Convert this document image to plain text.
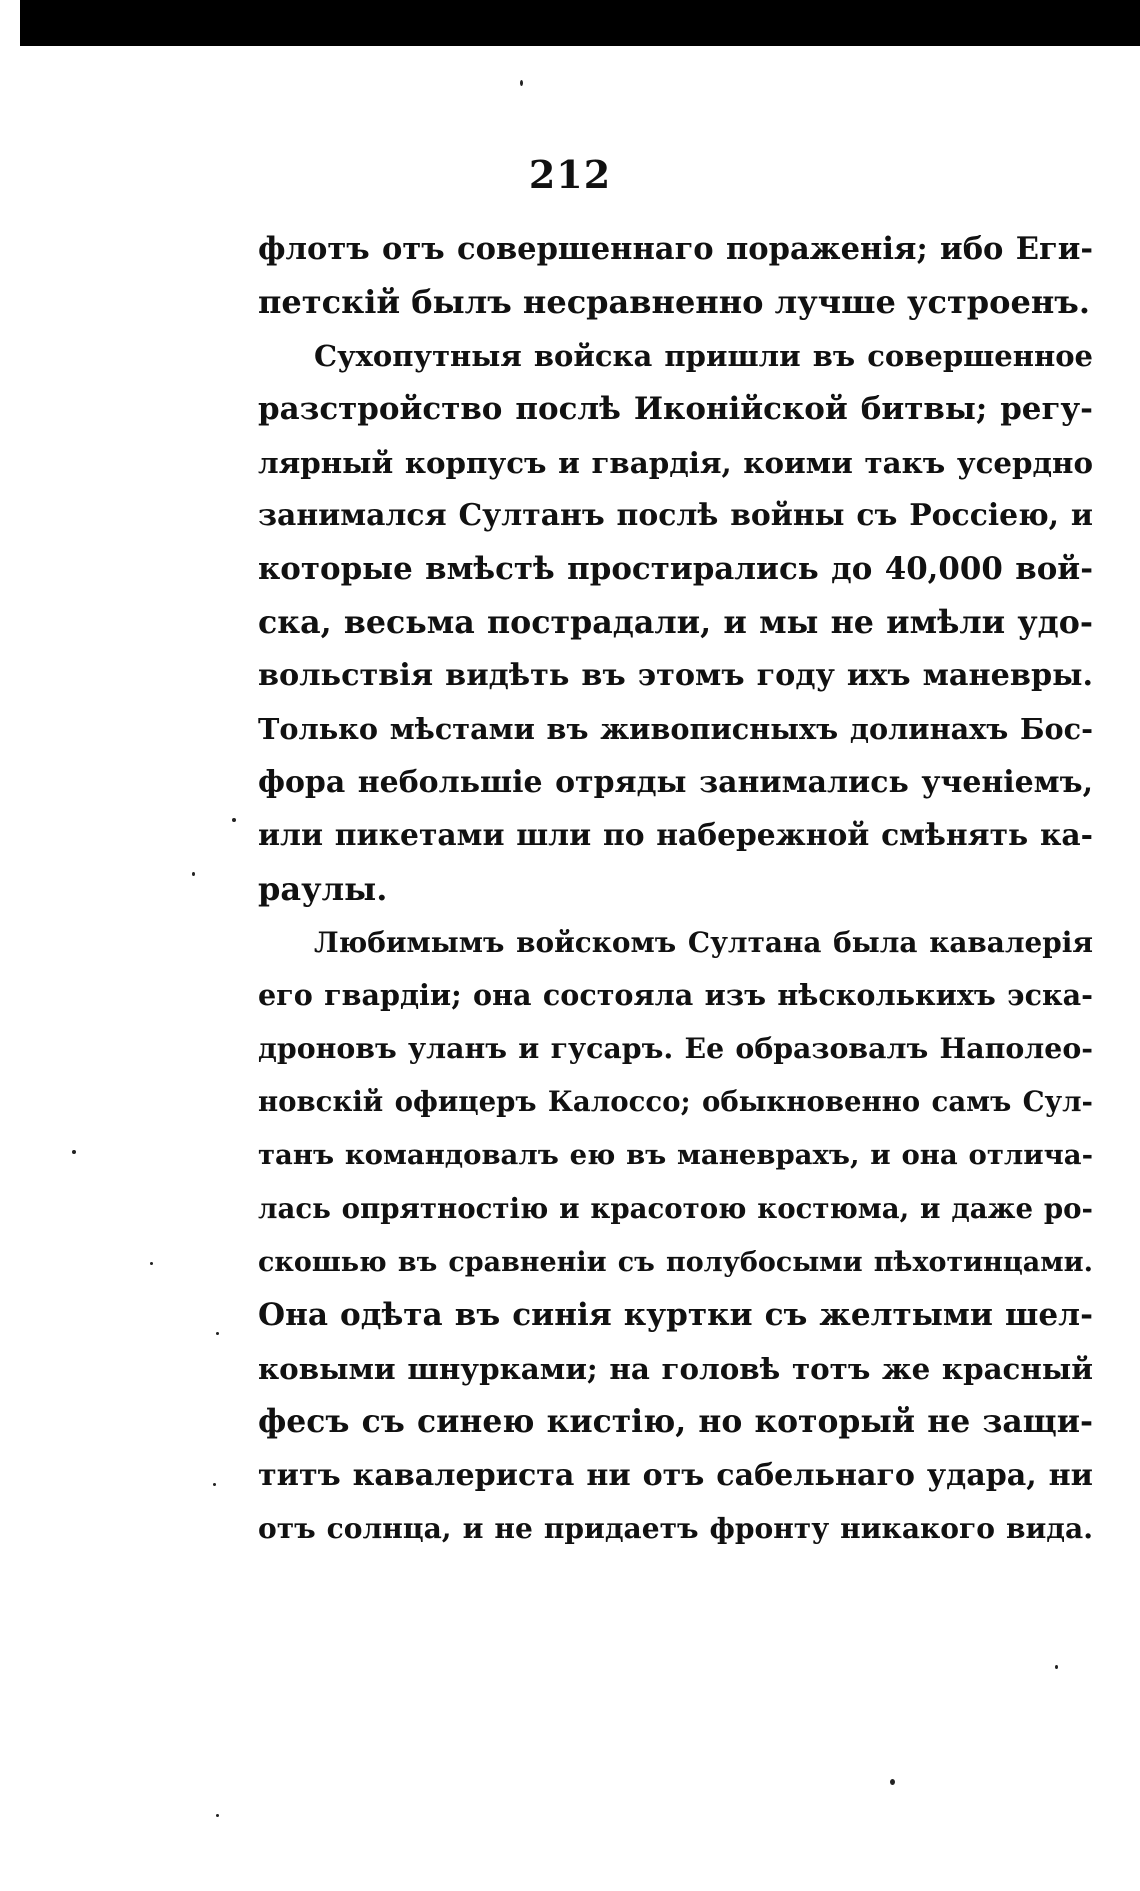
212
флотъ отъ совершеннаго пораженія; ибо Еги-
петскій былъ несравненно лучше устроенъ.
Сухопутныя войска пришли въ совершенное
разстройство послѣ Иконійской битвы; регу-
лярный корпусъ и гвардія, коими такъ усердно
занимался Султанъ послѣ войны съ Россіею, и
которые вмѣстѣ простирались до 40,000 вой-
ска, весьма пострадали, и мы не имѣли удо-
вольствія видѣть въ этомъ году ихъ маневры.
Только мѣстами въ живописныхъ долинахъ Бос-
фора небольшіе отряды занимались ученіемъ,
или пикетами шли по набережной смѣнять ка-
раулы.
Любимымъ войскомъ Султана была кавалерія
его гвардіи; она состояла изъ нѣсколькихъ эска-
дроновъ уланъ и гусаръ. Ее образовалъ Наполео-
новскій офицеръ Калоссо; обыкновенно самъ Сул-
танъ командовалъ ею въ маневрахъ, и она отлича-
лась опрятностію и красотою костюма, и даже ро-
скошью въ сравненіи съ полубосыми пѣхотинцами.
Она одѣта въ синія куртки съ желтыми шел-
ковыми шнурками; на головѣ тотъ же красный
фесъ съ синею кистію, но который не защи-
титъ кавалериста ни отъ сабельнаго удара, ни
отъ солнца, и не придаетъ фронту никакого вида.
